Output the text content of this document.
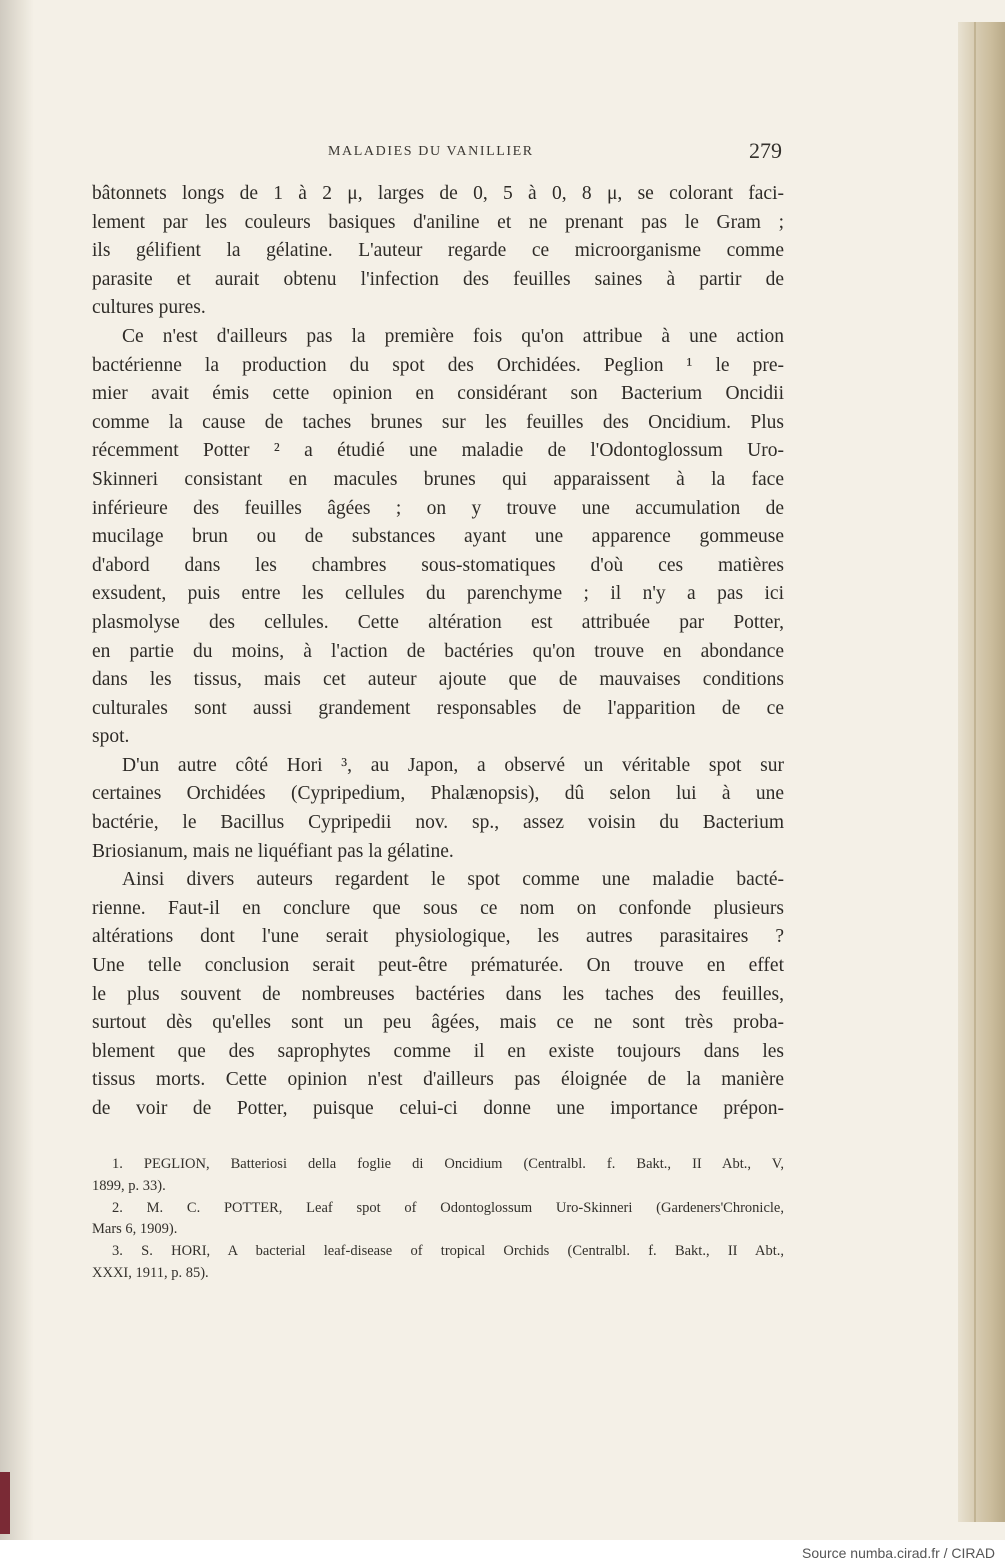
MALADIES DU VANILLIER	279
bâtonnets longs de 1 à 2 μ, larges de 0, 5 à 0, 8 μ, se colorant faci-
lement par les couleurs basiques d'aniline et ne prenant pas le Gram ;
ils gélifient la gélatine. L'auteur regarde ce microorganisme comme
parasite et aurait obtenu l'infection des feuilles saines à partir de
cultures pures.
Ce n'est d'ailleurs pas la première fois qu'on attribue à une action
bactérienne la production du spot des Orchidées. Peglion ¹ le pre-
mier avait émis cette opinion en considérant son Bacterium Oncidii
comme la cause de taches brunes sur les feuilles des Oncidium. Plus
récemment Potter ² a étudié une maladie de l'Odontoglossum Uro-
Skinneri consistant en macules brunes qui apparaissent à la face
inférieure des feuilles âgées ; on y trouve une accumulation de
mucilage brun ou de substances ayant une apparence gommeuse
d'abord dans les chambres sous-stomatiques d'où ces matières
exsudent, puis entre les cellules du parenchyme ; il n'y a pas ici
plasmolyse des cellules. Cette altération est attribuée par Potter,
en partie du moins, à l'action de bactéries qu'on trouve en abondance
dans les tissus, mais cet auteur ajoute que de mauvaises conditions
culturales sont aussi grandement responsables de l'apparition de ce
spot.
D'un autre côté Hori ³, au Japon, a observé un véritable spot sur
certaines Orchidées (Cypripedium, Phalænopsis), dû selon lui à une
bactérie, le Bacillus Cypripedii nov. sp., assez voisin du Bacterium
Briosianum, mais ne liquéfiant pas la gélatine.
Ainsi divers auteurs regardent le spot comme une maladie bacté-
rienne. Faut-il en conclure que sous ce nom on confonde plusieurs
altérations dont l'une serait physiologique, les autres parasitaires ?
Une telle conclusion serait peut-être prématurée. On trouve en effet
le plus souvent de nombreuses bactéries dans les taches des feuilles,
surtout dès qu'elles sont un peu âgées, mais ce ne sont très proba-
blement que des saprophytes comme il en existe toujours dans les
tissus morts. Cette opinion n'est d'ailleurs pas éloignée de la manière
de voir de Potter, puisque celui-ci donne une importance prépon-
1. PEGLION, Batteriosi della foglie di Oncidium (Centralbl. f. Bakt., II Abt., V,
1899, p. 33).
2. M. C. POTTER, Leaf spot of Odontoglossum Uro-Skinneri (Gardeners'Chronicle,
Mars 6, 1909).
3. S. HORI, A bacterial leaf-disease of tropical Orchids (Centralbl. f. Bakt., II Abt.,
XXXI, 1911, p. 85).
Source numba.cirad.fr / CIRAD
